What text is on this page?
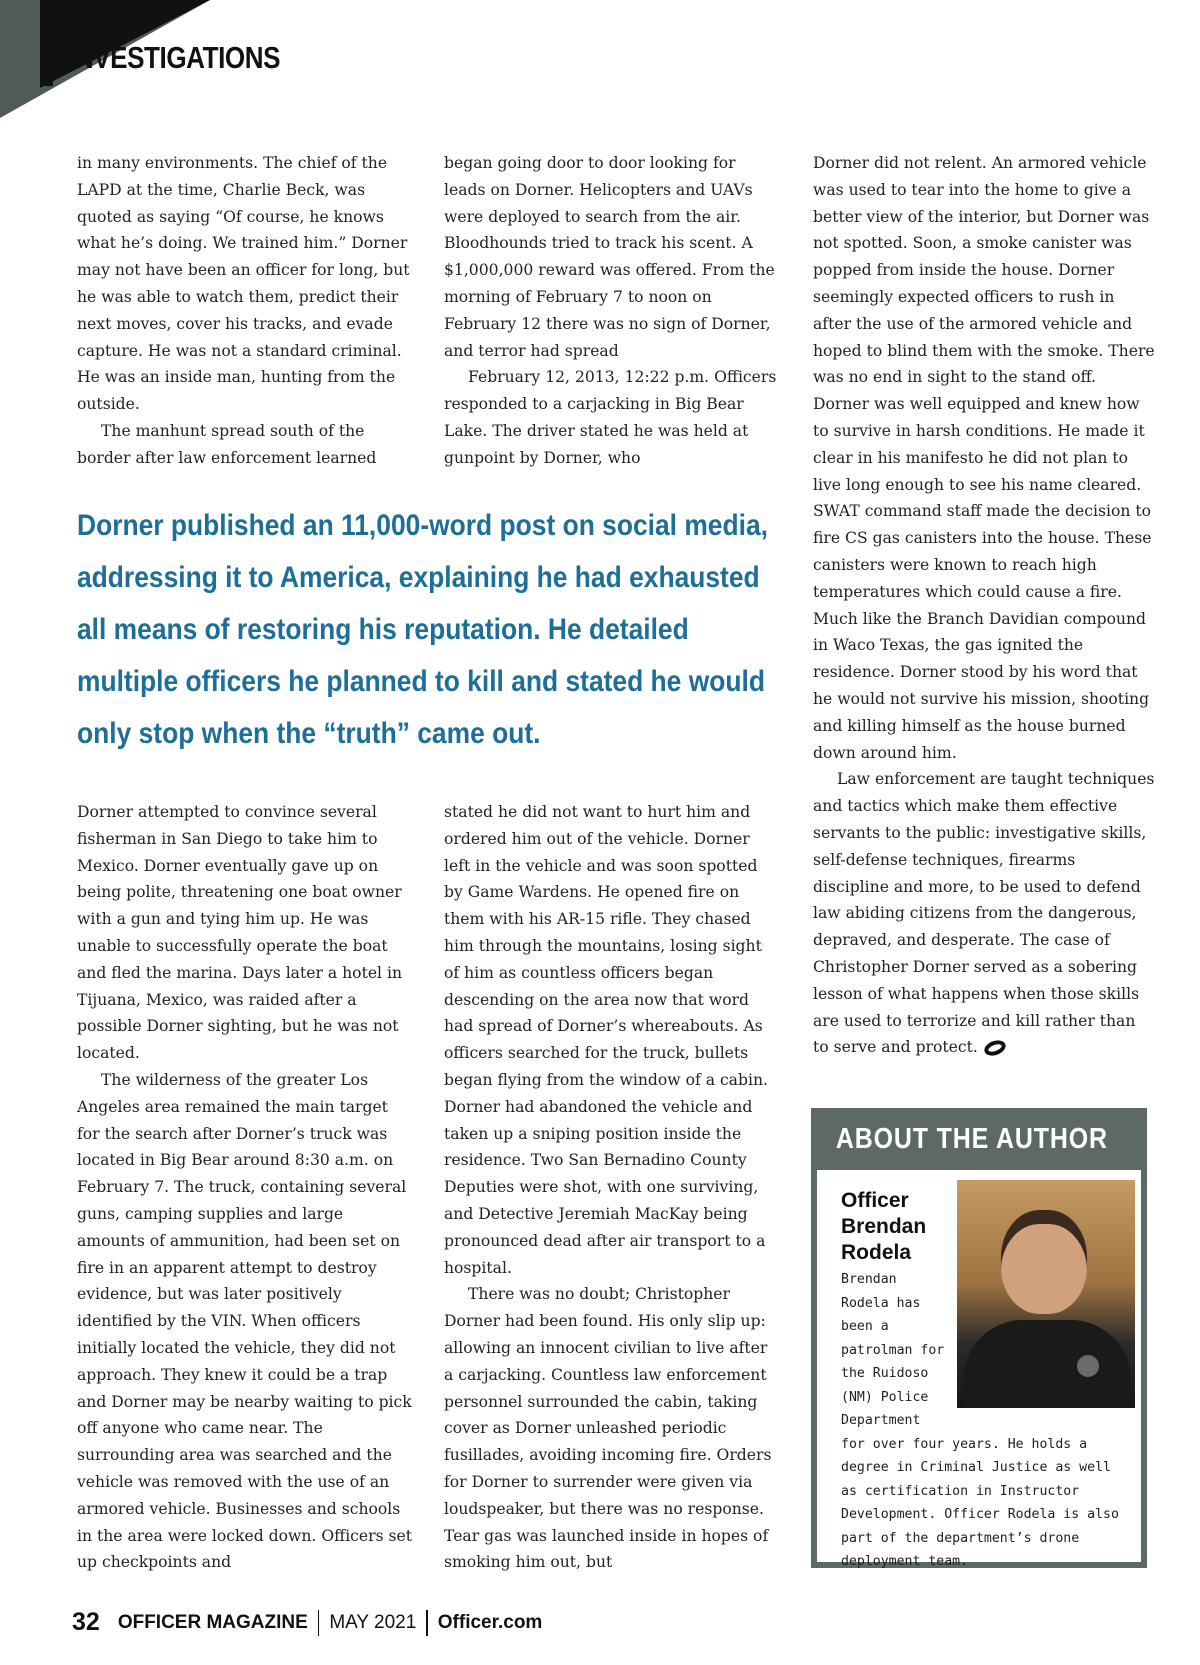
INVESTIGATIONS

in many environments. The chief of the LAPD at the time, Charlie Beck, was quoted as saying “Of course, he knows what he’s doing. We trained him.” Dorner may not have been an officer for long, but he was able to watch them, predict their next moves, cover his tracks, and evade capture. He was not a standard criminal. He was an inside man, hunting from the outside.

The manhunt spread south of the border after law enforcement learned

began going door to door looking for leads on Dorner. Helicopters and UAVs were deployed to search from the air. Bloodhounds tried to track his scent. A $1,000,000 reward was offered. From the morning of February 7 to noon on February 12 there was no sign of Dorner, and terror had spread

February 12, 2013, 12:22 p.m. Officers responded to a carjacking in Big Bear Lake. The driver stated he was held at gunpoint by Dorner, who

Dorner published an 11,000-word post on social media, addressing it to America, explaining he had exhausted all means of restoring his reputation. He detailed multiple officers he planned to kill and stated he would only stop when the “truth” came out.

Dorner attempted to convince several fisherman in San Diego to take him to Mexico. Dorner eventually gave up on being polite, threatening one boat owner with a gun and tying him up. He was unable to successfully operate the boat and fled the marina. Days later a hotel in Tijuana, Mexico, was raided after a possible Dorner sighting, but he was not located.

The wilderness of the greater Los Angeles area remained the main target for the search after Dorner’s truck was located in Big Bear around 8:30 a.m. on February 7. The truck, containing several guns, camping supplies and large amounts of ammunition, had been set on fire in an apparent attempt to destroy evidence, but was later positively identified by the VIN. When officers initially located the vehicle, they did not approach. They knew it could be a trap and Dorner may be nearby waiting to pick off anyone who came near. The surrounding area was searched and the vehicle was removed with the use of an armored vehicle. Businesses and schools in the area were locked down. Officers set up checkpoints and

stated he did not want to hurt him and ordered him out of the vehicle. Dorner left in the vehicle and was soon spotted by Game Wardens. He opened fire on them with his AR-15 rifle. They chased him through the mountains, losing sight of him as countless officers began descending on the area now that word had spread of Dorner’s whereabouts. As officers searched for the truck, bullets began flying from the window of a cabin. Dorner had abandoned the vehicle and taken up a sniping position inside the residence. Two San Bernadino County Deputies were shot, with one surviving, and Detective Jeremiah MacKay being pronounced dead after air transport to a hospital.

There was no doubt; Christopher Dorner had been found. His only slip up: allowing an innocent civilian to live after a carjacking. Countless law enforcement personnel surrounded the cabin, taking cover as Dorner unleashed periodic fusillades, avoiding incoming fire. Orders for Dorner to surrender were given via loudspeaker, but there was no response. Tear gas was launched inside in hopes of smoking him out, but

Dorner did not relent. An armored vehicle was used to tear into the home to give a better view of the interior, but Dorner was not spotted. Soon, a smoke canister was popped from inside the house. Dorner seemingly expected officers to rush in after the use of the armored vehicle and hoped to blind them with the smoke. There was no end in sight to the stand off. Dorner was well equipped and knew how to survive in harsh conditions. He made it clear in his manifesto he did not plan to live long enough to see his name cleared. SWAT command staff made the decision to fire CS gas canisters into the house. These canisters were known to reach high temperatures which could cause a fire. Much like the Branch Davidian compound in Waco Texas, the gas ignited the residence. Dorner stood by his word that he would not survive his mission, shooting and killing himself as the house burned down around him.

Law enforcement are taught techniques and tactics which make them effective servants to the public: investigative skills, self-defense techniques, firearms discipline and more, to be used to defend law abiding citizens from the dangerous, depraved, and desperate. The case of Christopher Dorner served as a sobering lesson of what happens when those skills are used to terrorize and kill rather than to serve and protect.

ABOUT THE AUTHOR

Officer Brendan Rodela

Brendan Rodela has been a patrolman for the Ruidoso (NM) Police Department for over four years. He holds a degree in Criminal Justice as well as certification in Instructor Development. Officer Rodela is also part of the department’s drone deployment team.

32 OFFICER MAGAZINE MAY 2021 Officer.com
